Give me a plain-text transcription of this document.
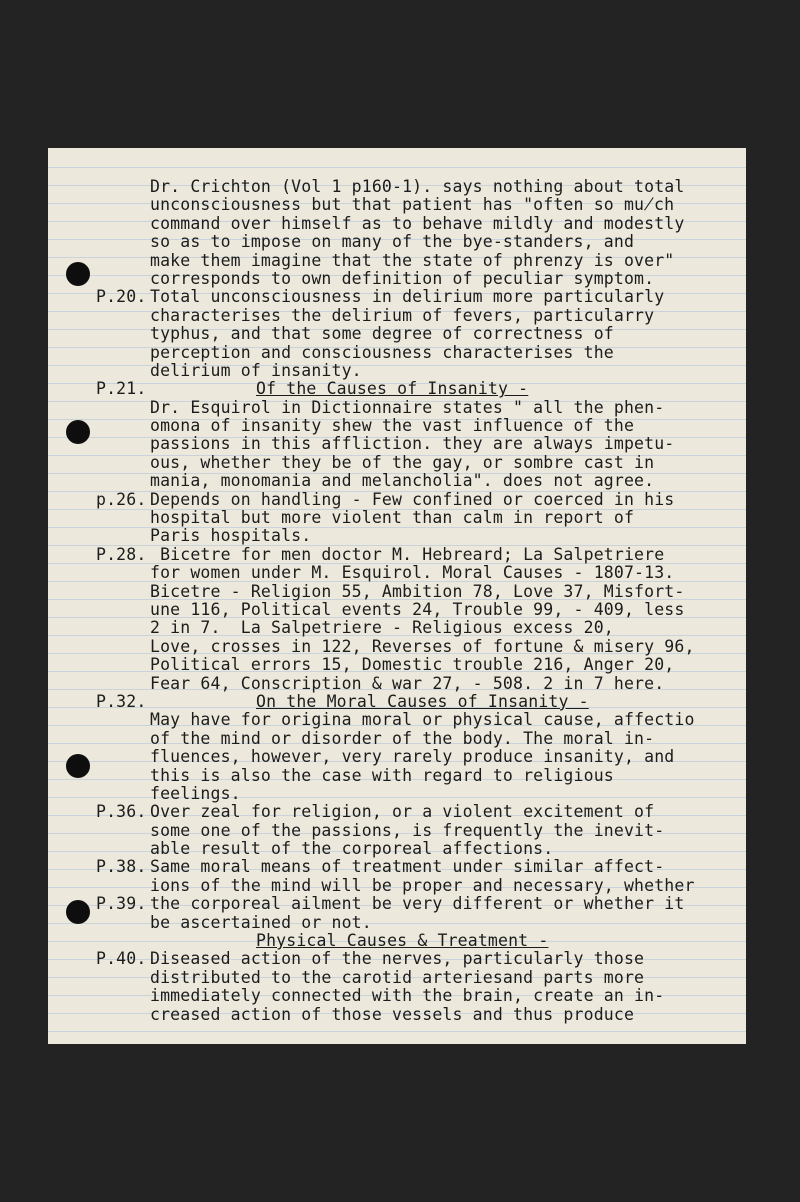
Dr. Crichton (Vol 1 p160-1). says nothing about total
unconsciousness but that patient has "often so mu̸ch
command over himself as to behave mildly and modestly
so as to impose on many of the bye-standers, and
make them imagine that the state of phrenzy is over"
corresponds to own definition of peculiar symptom.
P.20. Total unconsciousness in delirium more particularly
characterises the delirium of fevers, particularry
typhus, and that some degree of correctness of
perception and consciousness characterises the
delirium of insanity.
P.21.	Of the Causes of Insanity -
Dr. Esquirol in Dictionnaire states " all the phen-
omona of insanity shew the vast influence of the
passions in this affliction. they are always impetu-
ous, whether they be of the gay, or sombre cast in
mania, monomania and melancholia". does not agree.
p.26. Depends on handling - Few confined or coerced in his
hospital but more violent than calm in report of
Paris hospitals.
P.28. Bicetre for men doctor M. Hebreard; La Salpetriere
for women under M. Esquirol. Moral Causes - 1807-13.
Bicetre - Religion 55, Ambition 78, Love 37, Misfort-
une 116, Political events 24, Trouble 99, - 409, less
2 in 7.  La Salpetriere - Religious excess 20,
Love, crosses in 122, Reverses of fortune & misery 96,
Political errors 15, Domestic trouble 216, Anger 20,
Fear 64, Conscription & war 27, - 508. 2 in 7 here.
P.32.	On the Moral Causes of Insanity -
May have for origina moral or physical cause, affectio
of the mind or disorder of the body. The moral in-
fluences, however, very rarely produce insanity, and
this is also the case with regard to religious
feelings.
P.36. Over zeal for religion, or a violent excitement of
some one of the passions, is frequently the inevit-
able result of the corporeal affections.
P.38. Same moral means of treatment under similar affect-
ions of the mind will be proper and necessary, whether
P.39. the corporeal ailment be very different or whether it
be ascertained or not.
Physical Causes & Treatment -
P.40. Diseased action of the nerves, particularly those
distributed to the carotid arteriesand parts more
immediately connected with the brain, create an in-
creased action of those vessels and thus produce
